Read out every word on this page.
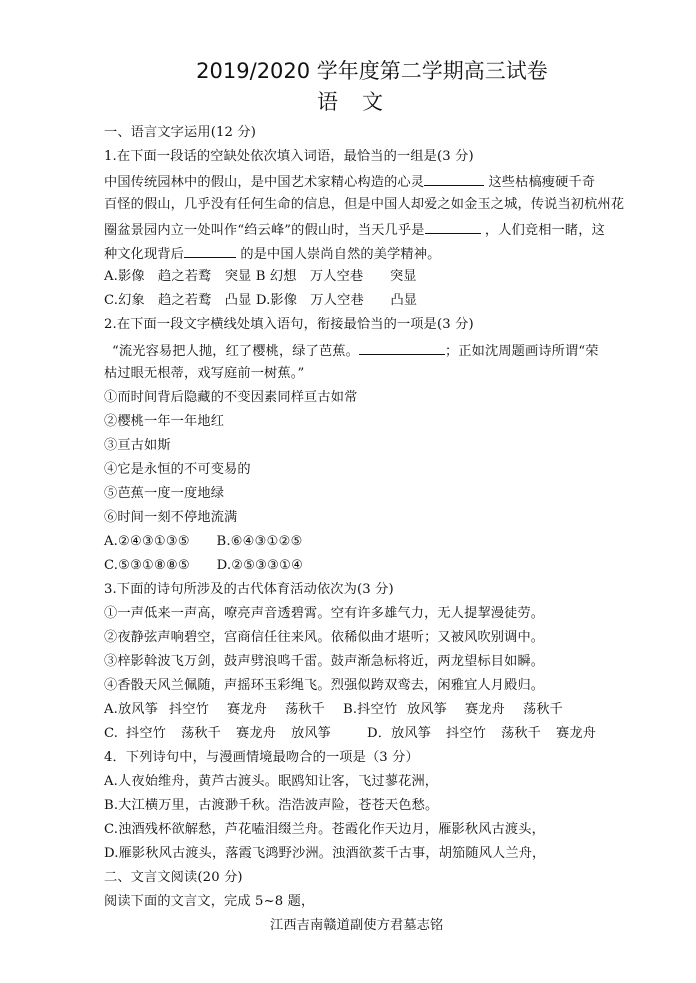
2019/2020 学年度第二学期高三试卷
语文
一、语言文字运用(12 分)
1.在下面一段话的空缺处依次填入词语，最恰当的一组是(3 分)
中国传统园林中的假山，是中国艺术家精心构造的心灵	这些枯槁瘦硬千奇
百怪的假山，几乎没有任何生命的信息，但是中国人却爱之如金玉之城，传说当初杭州花
圈盆景园内立一处叫作“绉云峰”的假山时，当天几乎是	，人们竞相一睹，这
种文化现背后	的是中国人崇尚自然的美学精神。
A.影像　趋之若鹜　突显 B 幻想　万人空巷　　突显
C.幻象　趋之若鹜　凸显 D.影像　万人空巷　　凸显
2.在下面一段文字横线处填入语句，衔接最恰当的一项是(3 分)
“流光容易把人抛，红了樱桃，绿了芭蕉。	；正如沈周题画诗所谓“荣
枯过眼无根蒂，戏写庭前一树蕉。”
①而时间背后隐藏的不变因素同样亘古如常
②樱桃一年一年地红
③亘古如斯
④它是永恒的不可变易的
⑤芭蕉一度一度地绿
⑥时间一刻不停地流满
A.②④③①③⑤　　B.⑥④③①②⑤
C.⑤③①⑧⑧⑤　　D.②⑤③③①④
3.下面的诗句所涉及的古代体育活动依次为(3 分)
①一声低来一声高，嘹亮声音透碧霄。空有许多雄气力，无人提挈漫徒劳。
②夜静弦声响碧空，宫商信任往来风。依稀似曲才堪听；又被风吹别调中。
③梓影斡波飞万剑，鼓声劈浪鸣千雷。鼓声渐急标将近，两龙望标目如瞬。
④香骰天风兰佩随，声摇环玉彩绳飞。烈强似跨双鸾去，闲雅宜人月殿归。
A.放风筝 抖空竹 赛龙舟 荡秋千 B.抖空竹 放风筝 赛龙舟 荡秋千
C. 抖空竹 荡秋千 赛龙舟 放风筝	D．放风筝 抖空竹 荡秋千 赛龙舟
4．下列诗句中，与漫画情境最吻合的一项是（3 分）
A.人夜始维舟，黄芦古渡头。眠鸥知让客，飞过蓼花洲，
B.大江横万里，古渡渺千秋。浩浩波声险，苍苍天色愁。
C.浊酒残杯欲解愁，芦花嗑泪缀兰舟。苍霞化作天边月，雁影秋风古渡头，
D.雁影秋风古渡头，落霞飞鸿野沙洲。浊酒欲荄千古事，胡笳随风人兰舟，
二、文言文阅读(20 分)
阅读下面的文言文，完成 5~8 题，
江西吉南赣道副使方君墓志铭
